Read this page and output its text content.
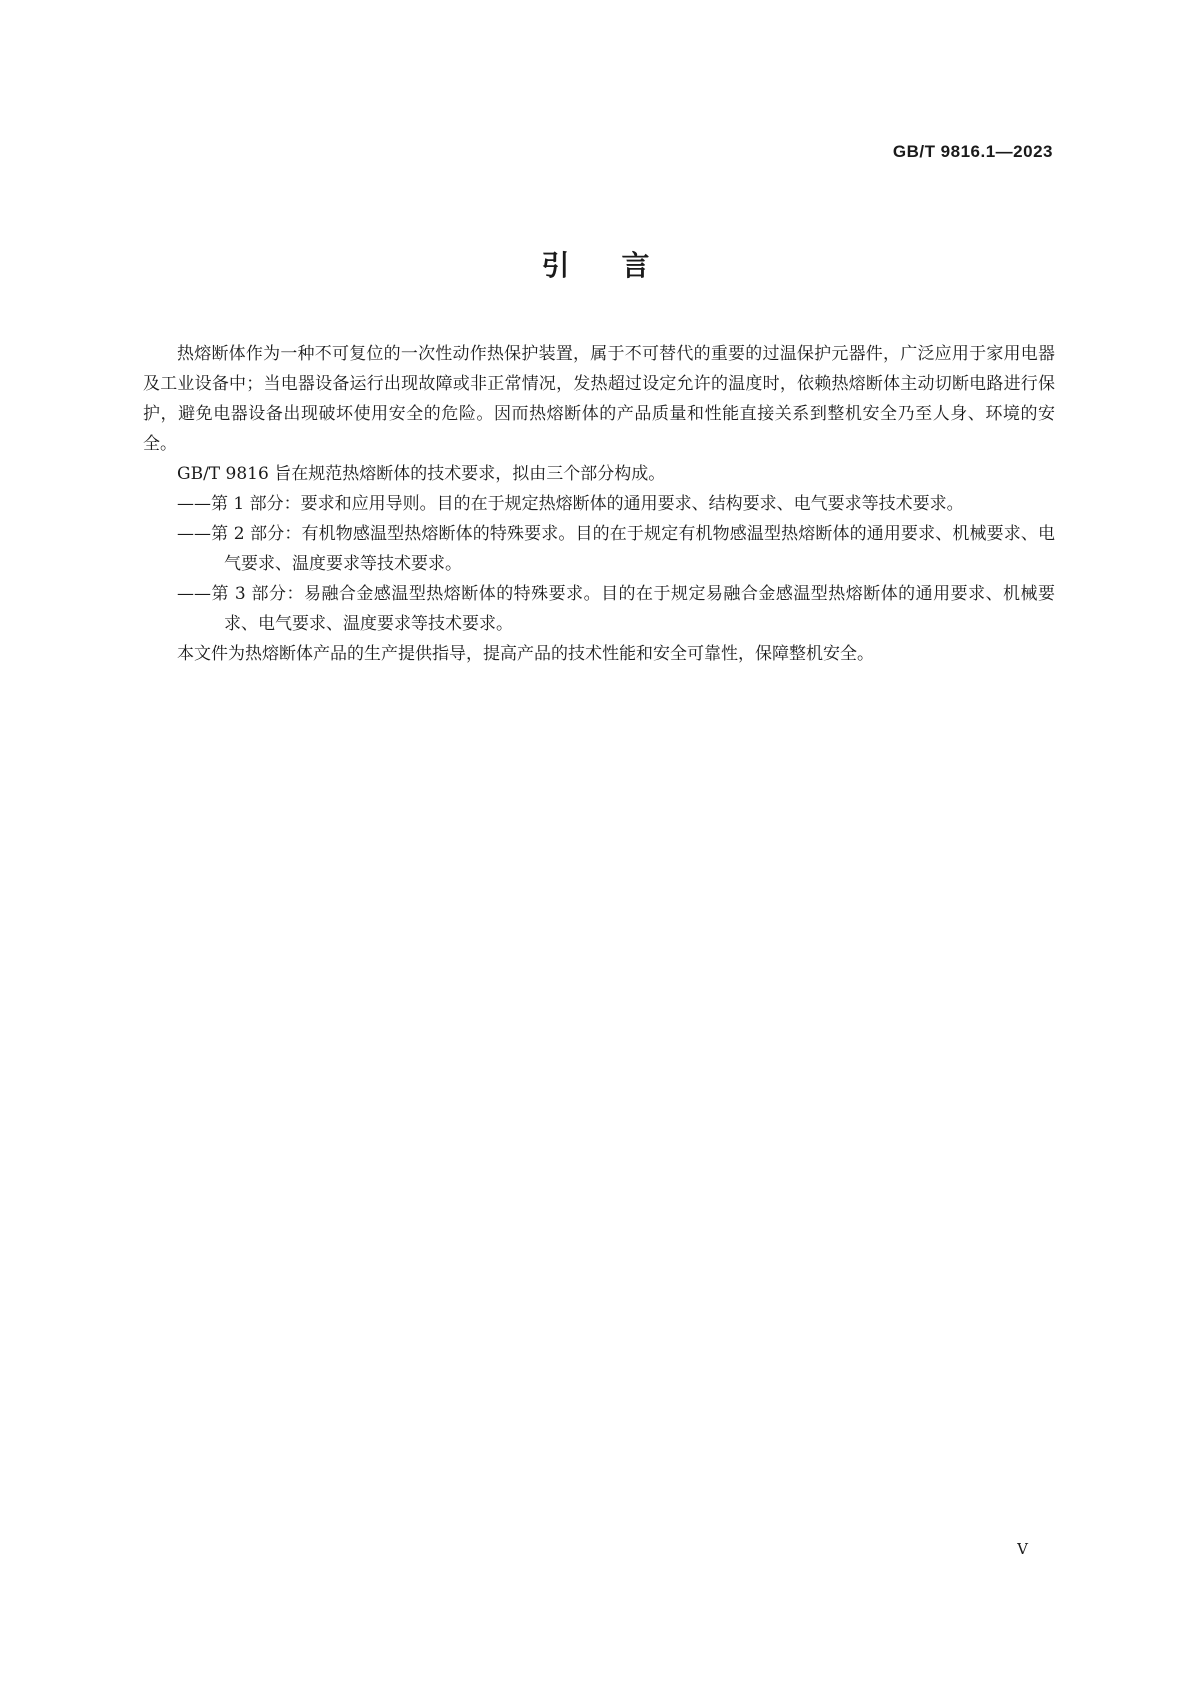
GB/T 9816.1—2023
引言

热熔断体作为一种不可复位的一次性动作热保护装置，属于不可替代的重要的过温保护元器件，广泛应用于家用电器及工业设备中；当电器设备运行出现故障或非正常情况，发热超过设定允许的温度时，依赖热熔断体主动切断电路进行保护，避免电器设备出现破坏使用安全的危险。因而热熔断体的产品质量和性能直接关系到整机安全乃至人身、环境的安全。

GB/T 9816 旨在规范热熔断体的技术要求，拟由三个部分构成。

——第 1 部分：要求和应用导则。目的在于规定热熔断体的通用要求、结构要求、电气要求等技术要求。

——第 2 部分：有机物感温型热熔断体的特殊要求。目的在于规定有机物感温型热熔断体的通用要求、机械要求、电气要求、温度要求等技术要求。

——第 3 部分：易融合金感温型热熔断体的特殊要求。目的在于规定易融合金感温型热熔断体的通用要求、机械要求、电气要求、温度要求等技术要求。

本文件为热熔断体产品的生产提供指导，提高产品的技术性能和安全可靠性，保障整机安全。

V
